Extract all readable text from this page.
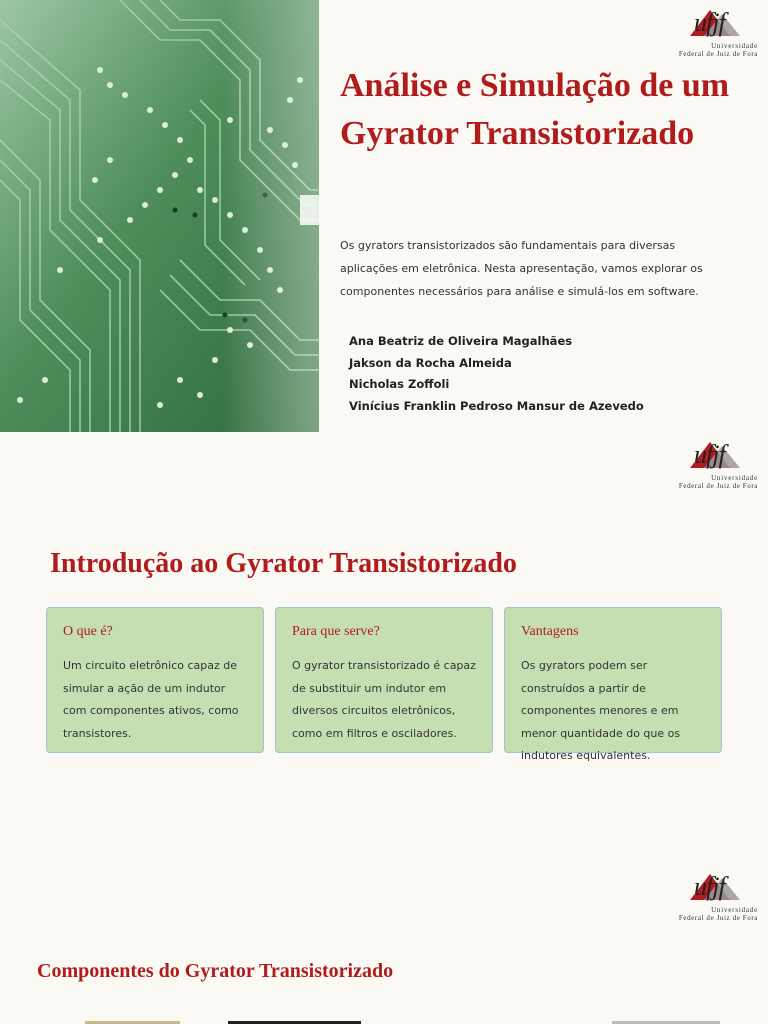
ufjf
Universidade
Federal de Juiz de Fora
Análise e Simulação de um Gyrator Transistorizado

Os gyrators transistorizados são fundamentais para diversas aplicações em eletrônica. Nesta apresentação, vamos explorar os componentes necessários para análise e simulá-los em software.

Ana Beatriz de Oliveira Magalhães
Jakson da Rocha Almeida
Nicholas Zoffoli
Vinícius Franklin Pedroso Mansur de Azevedo
ufjf
Universidade
Federal de Juiz de Fora
Introdução ao Gyrator Transistorizado
O que é?
Um circuito eletrônico capaz de simular a ação de um indutor com componentes ativos, como transistores.
Para que serve?
O gyrator transistorizado é capaz de substituir um indutor em diversos circuitos eletrônicos, como em filtros e osciladores.
Vantagens
Os gyrators podem ser construídos a partir de componentes menores e em menor quantidade do que os indutores equivalentes.
ufjf
Universidade
Federal de Juiz de Fora
Componentes do Gyrator Transistorizado
